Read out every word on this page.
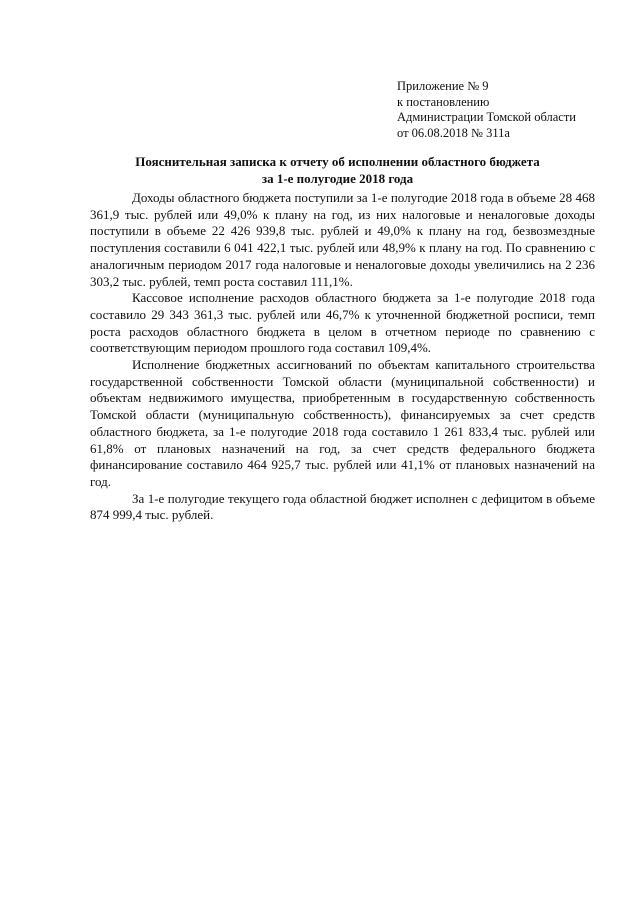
Приложение № 9
к постановлению
Администрации Томской области
от 06.08.2018 № 311а
Пояснительная записка к отчету об исполнении областного бюджета
за 1-е полугодие 2018 года

Доходы областного бюджета поступили за 1-е полугодие 2018 года в объеме 28 468 361,9 тыс. рублей или 49,0% к плану на год, из них налоговые и неналоговые доходы поступили в объеме 22 426 939,8 тыс. рублей и 49,0% к плану на год, безвозмездные поступления составили 6 041 422,1 тыс. рублей или 48,9% к плану на год. По сравнению с аналогичным периодом 2017 года налоговые и неналоговые доходы увеличились на 2 236 303,2 тыс. рублей, темп роста составил 111,1%.

Кассовое исполнение расходов областного бюджета за 1-е полугодие 2018 года составило 29 343 361,3 тыс. рублей или 46,7% к уточненной бюджетной росписи, темп роста расходов областного бюджета в целом в отчетном периоде по сравнению с соответствующим периодом прошлого года составил 109,4%.

Исполнение бюджетных ассигнований по объектам капитального строительства государственной собственности Томской области (муниципальной собственности) и объектам недвижимого имущества, приобретенным в государственную собственность Томской области (муниципальную собственность), финансируемых за счет средств областного бюджета, за 1-е полугодие 2018 года составило 1 261 833,4 тыс. рублей или 61,8% от плановых назначений на год, за счет средств федерального бюджета финансирование составило 464 925,7 тыс. рублей или 41,1% от плановых назначений на год.

За 1-е полугодие текущего года областной бюджет исполнен с дефицитом в объеме 874 999,4 тыс. рублей.
